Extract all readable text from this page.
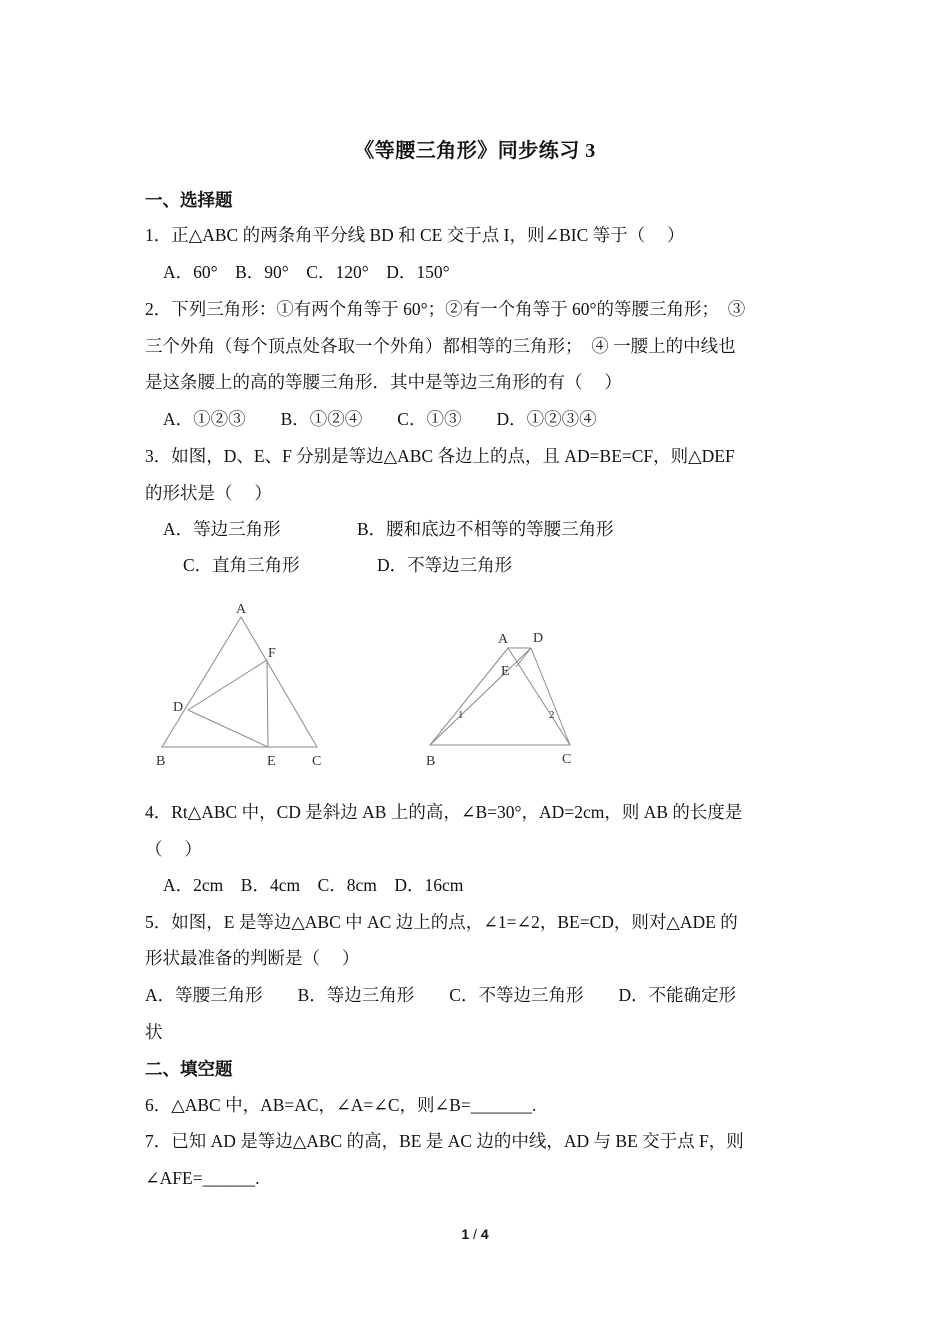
《等腰三角形》同步练习 3
一、选择题
1．正△ABC 的两条角平分线 BD 和 CE 交于点 I，则∠BIC 等于（　 ）
A．60°　B．90°　C．120°　D．150°
2．下列三角形：①有两个角等于 60°；②有一个角等于 60°的等腰三角形；　③
三个外角（每个顶点处各取一个外角）都相等的三角形；　④ 一腰上的中线也
是这条腰上的高的等腰三角形．其中是等边三角形的有（　 ）
A．①②③　　B．①②④　　C．①③　　D．①②③④
3．如图，D、E、F 分别是等边△ABC 各边上的点，且 AD=BE=CF，则△DEF
的形状是（　 ）
A．等边三角形	B．腰和底边不相等的等腰三角形
C．直角三角形	D．不等边三角形
A
B	C
D
E
F
A D
E
B	C
1	2
4．Rt△ABC 中，CD 是斜边 AB 上的高，∠B=30°，AD=2cm，则 AB 的长度是
（　 ）
A．2cm　B．4cm　C．8cm　D．16cm
5．如图，E 是等边△ABC 中 AC 边上的点，∠1=∠2，BE=CD，则对△ADE 的
形状最准备的判断是（　 ）
A．等腰三角形　　B．等边三角形　　C．不等边三角形　　D．不能确定形
状
二、填空题
6．△ABC 中，AB=AC，∠A=∠C，则∠B=_______.
7．已知 AD 是等边△ABC 的高，BE 是 AC 边的中线，AD 与 BE 交于点 F，则
∠AFE=______.
1 / 4
